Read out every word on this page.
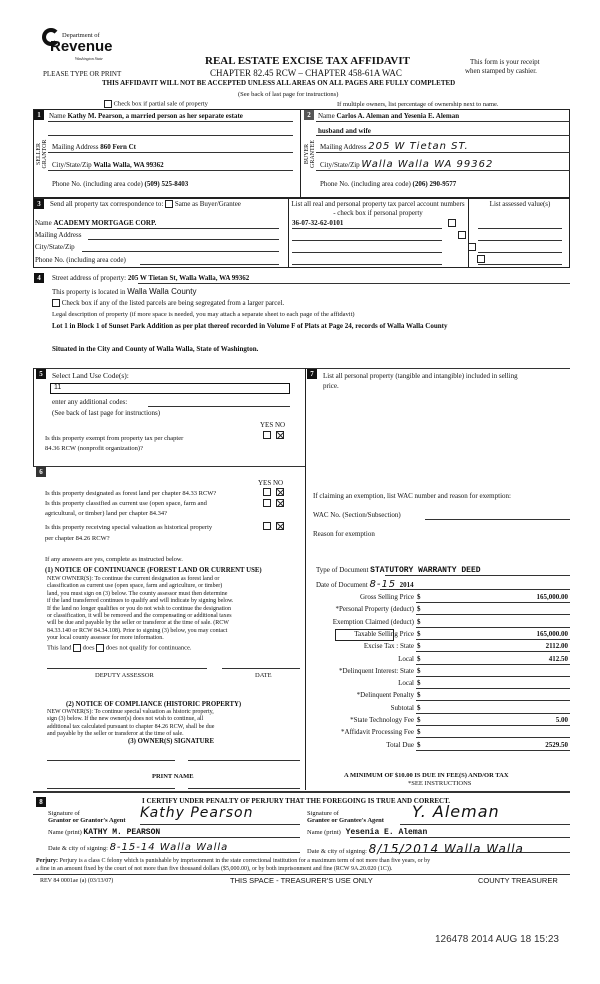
Department of
Revenue
Washington State
PLEASE TYPE OR PRINT
REAL ESTATE EXCISE TAX AFFIDAVIT
CHAPTER 82.45 RCW – CHAPTER 458-61A WAC
This form is your receipt
when stamped by cashier.
THIS AFFIDAVIT WILL NOT BE ACCEPTED UNLESS ALL AREAS ON ALL PAGES ARE FULLY COMPLETED
(See back of last page for instructions)
Check box if partial sale of property	If multiple owners, list percentage of ownership next to name.
1
SELLER GRANTOR
Name Kathy M. Pearson, a married person as her separate estate
Mailing Address 860 Fern Ct
City/State/Zip Walla Walla, WA 99362
Phone No. (including area code) (509) 525-8403
2
BUYER GRANTEE
Name Carlos A. Aleman and Yesenia E. Aleman
husband and wife
Mailing Address 205 W Tietan ST.
City/State/Zip Walla Walla WA 99362
Phone No. (including area code) (206) 290-9577
3	Send all property tax correspondence to: Same as Buyer/Grantee
Name ACADEMY MORTGAGE CORP.
Mailing Address
City/State/Zip
Phone No. (including area code)
List all real and personal property tax parcel account numbers - check box if personal property
List assessed value(s)
36-07-32-62-0101

4	Street address of property: 205 W Tietan St, Walla Walla, WA 99362
This property is located in Walla Walla County
Check box if any of the listed parcels are being segregated from a larger parcel.
Legal description of property (if more space is needed, you may attach a separate sheet to each page of the affidavit)
Lot 1 in Block 1 of Sunset Park Addition as per plat thereof recorded in Volume F of Plats at Page 24, records of Walla Walla County
Situated in the City and County of Walla Walla, State of Washington.
5	Select Land Use Code(s):
11
enter any additional codes:
(See back of last page for instructions)
YES NO
Is this property exempt from property tax per chapter
84.36 RCW (nonprofit organization)?

6
YES NO
Is this property designated as forest land per chapter 84.33 RCW?
Is this property classified as current use (open space, farm and
agricultural, or timber) land per chapter 84.34?
Is this property receiving special valuation as historical property
per chapter 84.26 RCW?

If any answers are yes, complete as instructed below.
(1) NOTICE OF CONTINUANCE (FOREST LAND OR CURRENT USE)
NEW OWNER(S): To continue the current designation as forest land or
classification as current use (open space, farm and agriculture, or timber)
land, you must sign on (3) below. The county assessor must then determine
if the land transferred continues to qualify and will indicate by signing below.
If the land no longer qualifies or you do not wish to continue the designation
or classification, it will be removed and the compensating or additional taxes
will be due and payable by the seller or transferor at the time of sale. (RCW
84.33.140 or RCW 84.34.108). Prior to signing (3) below, you may contact
your local county assessor for more information.
This land does does not qualify for continuance.
DEPUTY ASSESSOR	DATE
(2) NOTICE OF COMPLIANCE (HISTORIC PROPERTY)
NEW OWNER(S): To continue special valuation as historic property,
sign (3) below. If the new owner(s) does not wish to continue, all
additional tax calculated pursuant to chapter 84.26 RCW, shall be due
and payable by the seller or transferor at the time of sale.
(3) OWNER(S) SIGNATURE
PRINT NAME
7	List all personal property (tangible and intangible) included in selling
price.
If claiming an exemption, list WAC number and reason for exemption:
WAC No. (Section/Subsection)
Reason for exemption
Type of Document STATUTORY WARRANTY DEED
Date of Document 8-15 2014
Gross Selling Price $	165,000.00
*Personal Property (deduct) $
Exemption Claimed (deduct) $
Taxable Selling Price $	165,000.00
Excise Tax : State $	2112.00
Local $	412.50
*Delinquent Interest: State $
Local $
*Delinquent Penalty $
Subtotal $
*State Technology Fee $	5.00
*Affidavit Processing Fee $
Total Due $	2529.50
A MINIMUM OF $10.00 IS DUE IN FEE(S) AND/OR TAX
*SEE INSTRUCTIONS
8	I CERTIFY UNDER PENALTY OF PERJURY THAT THE FOREGOING IS TRUE AND CORRECT.
Signature of
Grantor or Grantor's Agent Kathy Pearson
Name (print) KATHY M. PEARSON
Date & city of signing: 8-15-14 Walla Walla
Signature of
Grantee or Grantee's Agent Y. Aleman
Name (print) Yesenia E. Aleman
Date & city of signing: 8/15/2014 Walla Walla
Perjury: Perjury is a class C felony which is punishable by imprisonment in the state correctional institution for a maximum term of not more than five years, or by
a fine in an amount fixed by the court of not more than five thousand dollars ($5,000.00), or by both imprisonment and fine (RCW 9A.20.020 (1C)).
REV 84 0001ae (a) (03/13/07)	THIS SPACE - TREASURER'S USE ONLY	COUNTY TREASURER
126478 2014 AUG 18 15:23
